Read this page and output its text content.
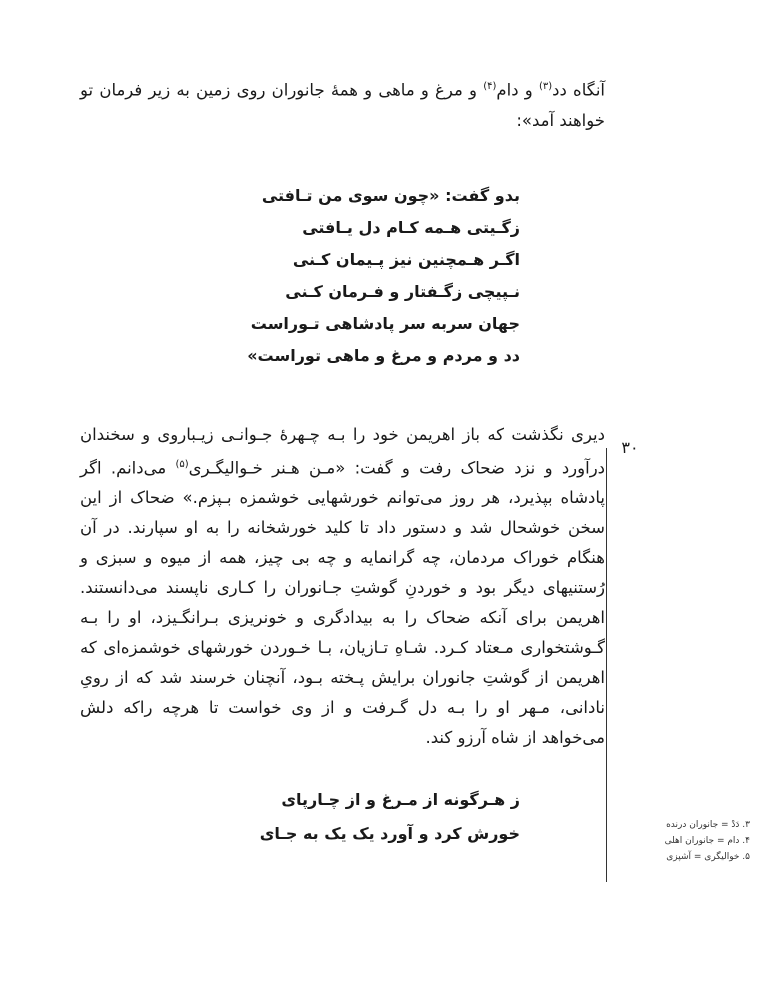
آنگاه دد$^{(۳)}$ و دام$^{(۴)}$ و مرغ و ماهی و همهٔ جانوران روی زمین به زیر فرمان تو خواهند آمد»:

بدو گفت: «چون سوی من تـافتی
زگـیتی هـمه کـام دل یـافتی
اگـر هـمچنین نیز پـیمان کـنی
نـپیچی زگـفتار و فـرمان کـنی
جهان سربه سر پادشاهی تـوراست
دد و مردم و مرغ و ماهی توراست»

دیری نگذشت که باز اهریمن خود را بـه چـهرهٔ جـوانـی زیـباروی و سخندان درآورد و نزد ضحاک رفت و گفت: «مـن هـنر خـوالیگـری$^{(۵)}$ می‌دانم. اگر پادشاه بپذیرد، هر روز می‌توانم خورشهایی خوشمزه بـپزم.» ضحاک از این سخن خوشحال شد و دستور داد تا کلید خورشخانه را به او سپارند. در آن هنگام خوراک مردمان، چه گرانمایه و چه بی چیز، همه از میوه و سبزی و رُستنیهای دیگر بود و خوردنِ گوشتِ جـانوران را کـاری ناپسند می‌دانستند. اهریمن برای آنکه ضحاک را به بیدادگری و خونریزی بـرانگـیزد، او را بـه گـوشتخواری مـعتاد کـرد. شـاهِ تـازیان، بـا خـوردن خورشهای خوشمزه‌ای که اهریمن از گوشتِ جانوران برایش پـخته بـود، آنچنان خرسند شد که از رویِ نادانی، مـهر او را بـه دل گـرفت و از وی خواست تا هرچه راکه دلش می‌خواهد از شاه آرزو کند.

ز هـرگونه از مـرغ و از چـارپای
خورش کرد و آورد یک یک به جـای
۳۰
۳. دَدْ = جانوران درنده
۴. دام = جانوران اهلی
۵. خوالیگری = آشپزی
